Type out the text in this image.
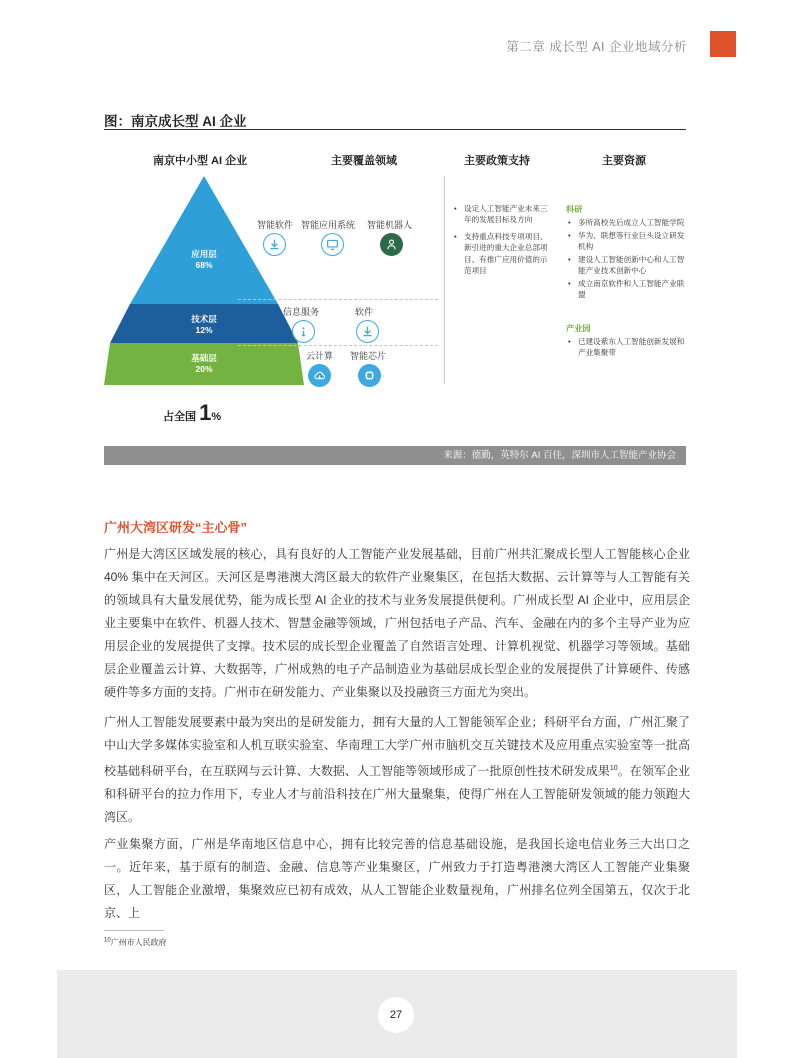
第二章 成长型 AI 企业地域分析
图：南京成长型 AI 企业
南京中小型 AI 企业	主要覆盖领域	主要政策支持	主要资源
应用层
68%
技术层
12%
基础层
20%
智能软件 智能应用系统 智能机器人
信息服务	软件
云计算 智能芯片
• 设定人工智能产业未来三年的发展目标及方向
• 支持重点科技专项项目、新引进的重大企业总部项目、有推广应用价值的示范项目
科研
• 多所高校先后成立人工智能学院
• 华为、联想等行业巨头设立研发机构
• 建设人工智能创新中心和人工智能产业技术创新中心
• 成立南京软件和人工智能产业联盟
产业园
• 已建设紫东人工智能创新发展和产业集聚带
占全国 1%
来源：德勤，英特尔 AI 百佳，深圳市人工智能产业协会
广州大湾区研发“主心骨”
广州是大湾区区域发展的核心，具有良好的人工智能产业发展基础，目前广州共汇聚成长型人工智能核心企业 40% 集中在天河区。天河区是粤港澳大湾区最大的软件产业聚集区，在包括大数据、云计算等与人工智能有关的领域具有大量发展优势，能为成长型 AI 企业的技术与业务发展提供便利。广州成长型 AI 企业中，应用层企业主要集中在软件、机器人技术、智慧金融等领域，广州包括电子产品、汽车、金融在内的多个主导产业为应用层企业的发展提供了支撑。技术层的成长型企业覆盖了自然语言处理、计算机视觉、机器学习等领域。基础层企业覆盖云计算、大数据等，广州成熟的电子产品制造业为基础层成长型企业的发展提供了计算硬件、传感硬件等多方面的支持。广州市在研发能力、产业集聚以及投融资三方面尤为突出。
广州人工智能发展要素中最为突出的是研发能力，拥有大量的人工智能领军企业；科研平台方面，广州汇聚了中山大学多媒体实验室和人机互联实验室、华南理工大学广州市脑机交互关键技术及应用重点实验室等一批高校基础科研平台，在互联网与云计算、大数据、人工智能等领域形成了一批原创性技术研发成果$^{10}$。在领军企业和科研平台的拉力作用下，专业人才与前沿科技在广州大量聚集，使得广州在人工智能研发领域的能力领跑大湾区。
产业集聚方面，广州是华南地区信息中心，拥有比较完善的信息基础设施，是我国长途电信业务三大出口之一。近年来，基于原有的制造、金融、信息等产业集聚区，广州致力于打造粤港澳大湾区人工智能产业集聚区，人工智能企业激增，集聚效应已初有成效，从人工智能企业数量视角，广州排名位列全国第五，仅次于北京、上
$^{10}$广州市人民政府
27
